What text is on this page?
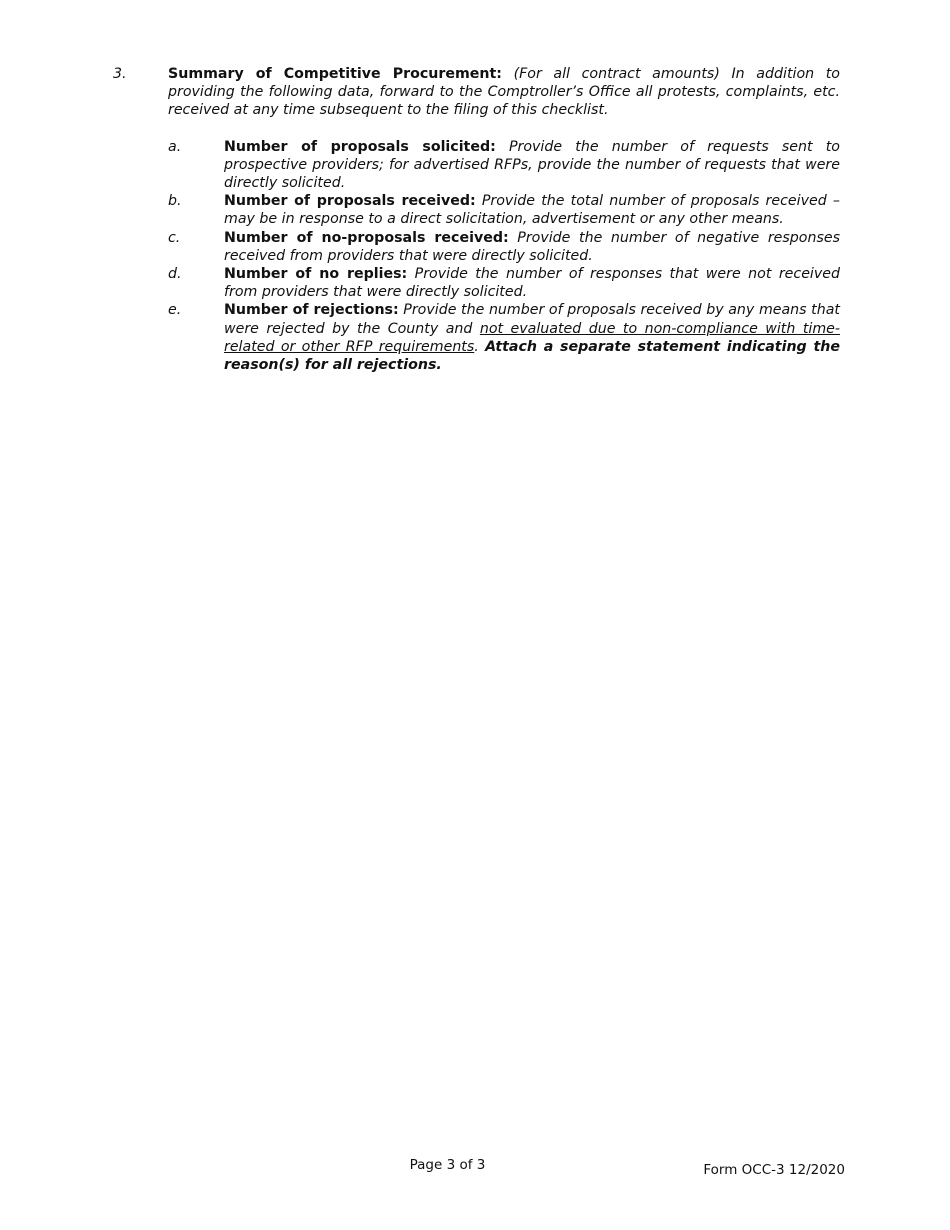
3.	Summary of Competitive Procurement: (For all contract amounts) In addition to providing the following data, forward to the Comptroller’s Office all protests, complaints, etc. received at any time subsequent to the filing of this checklist.
a.	Number of proposals solicited: Provide the number of requests sent to prospective providers; for advertised RFPs, provide the number of requests that were directly solicited.
b.	Number of proposals received: Provide the total number of proposals received – may be in response to a direct solicitation, advertisement or any other means.
c.	Number of no-proposals received: Provide the number of negative responses received from providers that were directly solicited.
d.	Number of no replies: Provide the number of responses that were not received from providers that were directly solicited.
e.	Number of rejections: Provide the number of proposals received by any means that were rejected by the County and not evaluated due to non-compliance with time-related or other RFP requirements. Attach a separate statement indicating the reason(s) for all rejections.
Page 3 of 3	Form OCC-3 12/2020
